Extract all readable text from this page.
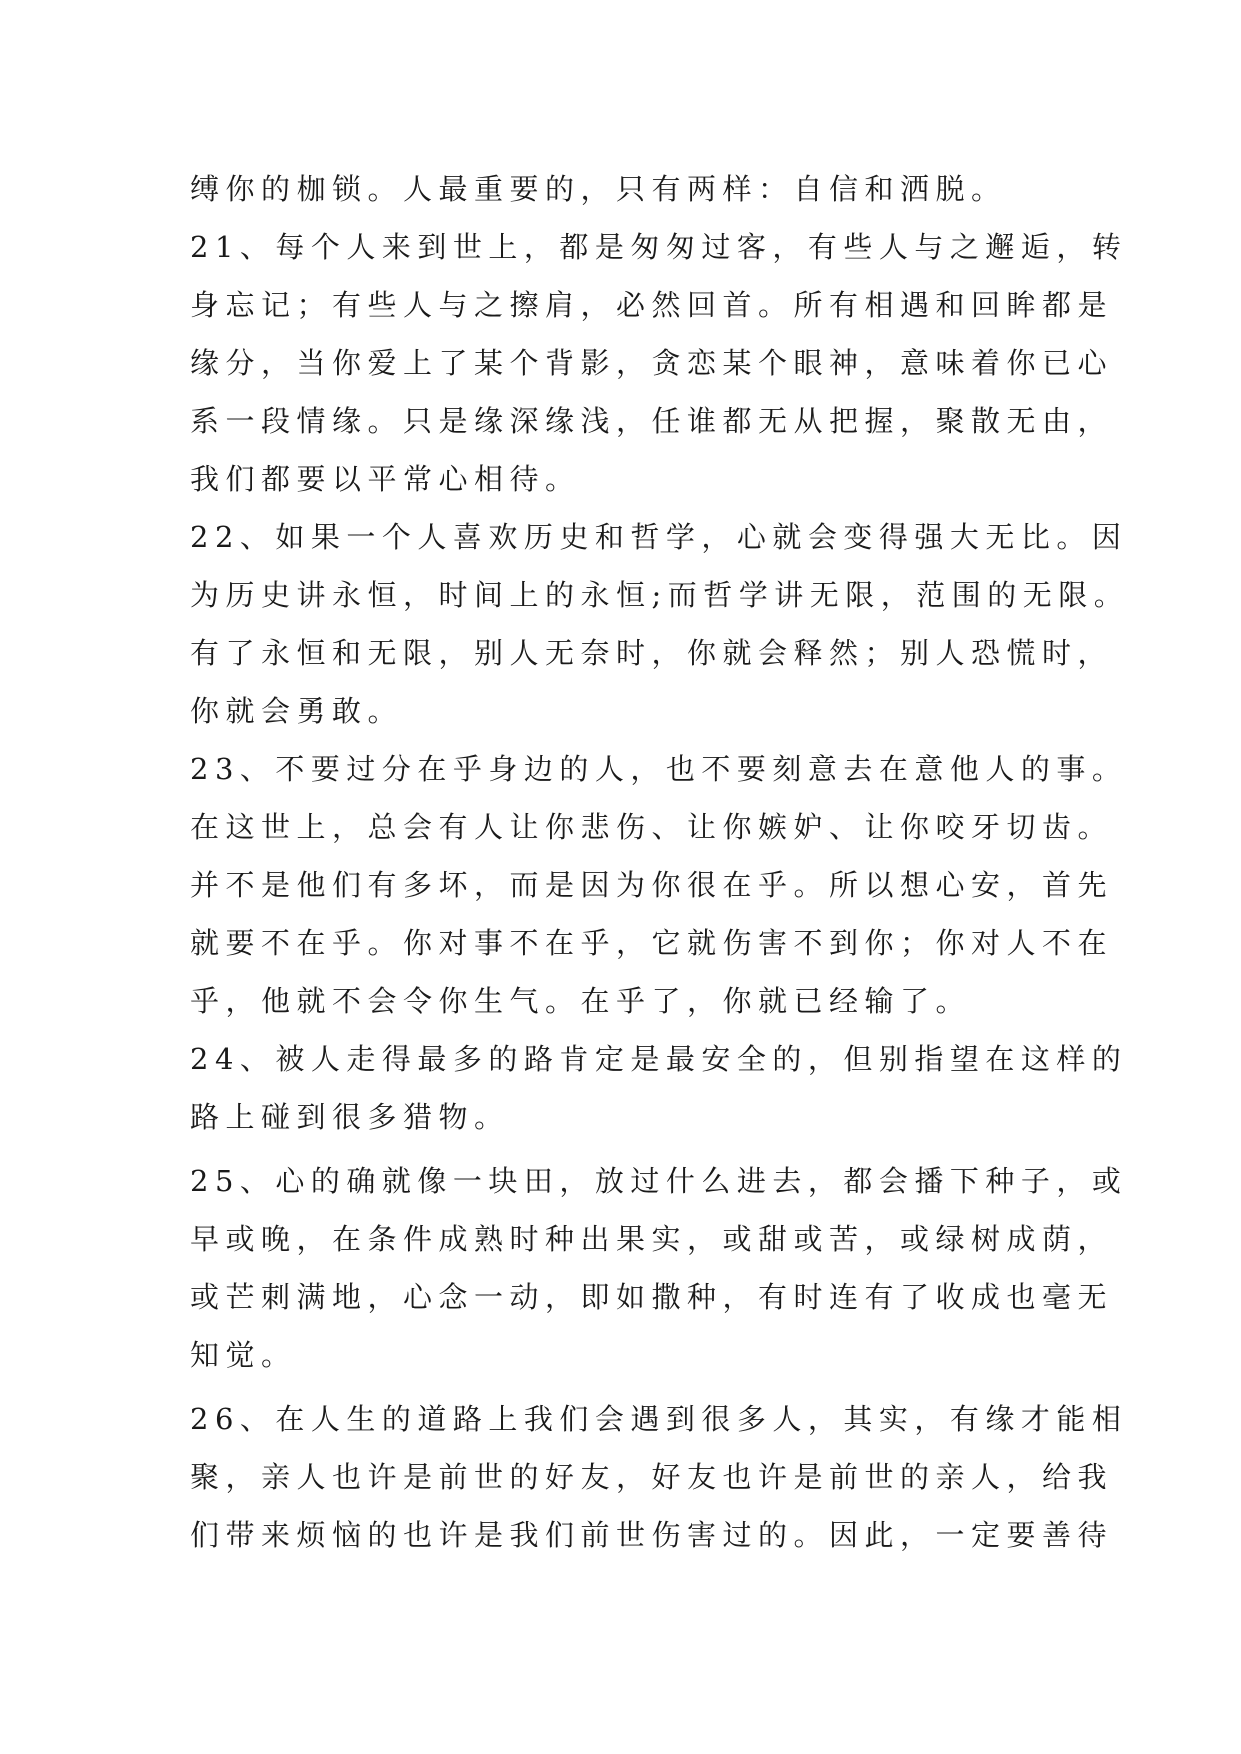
缚你的枷锁。人最重要的，只有两样：自信和洒脱。
21、每个人来到世上，都是匆匆过客，有些人与之邂逅，转
身忘记；有些人与之擦肩，必然回首。所有相遇和回眸都是
缘分，当你爱上了某个背影，贪恋某个眼神，意味着你已心
系一段情缘。只是缘深缘浅，任谁都无从把握，聚散无由，
我们都要以平常心相待。
22、如果一个人喜欢历史和哲学，心就会变得强大无比。因
为历史讲永恒，时间上的永恒;而哲学讲无限，范围的无限。
有了永恒和无限，别人无奈时，你就会释然；别人恐慌时，
你就会勇敢。
23、不要过分在乎身边的人，也不要刻意去在意他人的事。
在这世上，总会有人让你悲伤、让你嫉妒、让你咬牙切齿。
并不是他们有多坏，而是因为你很在乎。所以想心安，首先
就要不在乎。你对事不在乎，它就伤害不到你；你对人不在
乎，他就不会令你生气。在乎了，你就已经输了。
24、被人走得最多的路肯定是最安全的，但别指望在这样的
路上碰到很多猎物。
25、心的确就像一块田，放过什么进去，都会播下种子，或
早或晚，在条件成熟时种出果实，或甜或苦，或绿树成荫，
或芒刺满地，心念一动，即如撒种，有时连有了收成也毫无
知觉。
26、在人生的道路上我们会遇到很多人，其实，有缘才能相
聚，亲人也许是前世的好友，好友也许是前世的亲人，给我
们带来烦恼的也许是我们前世伤害过的。因此，一定要善待
